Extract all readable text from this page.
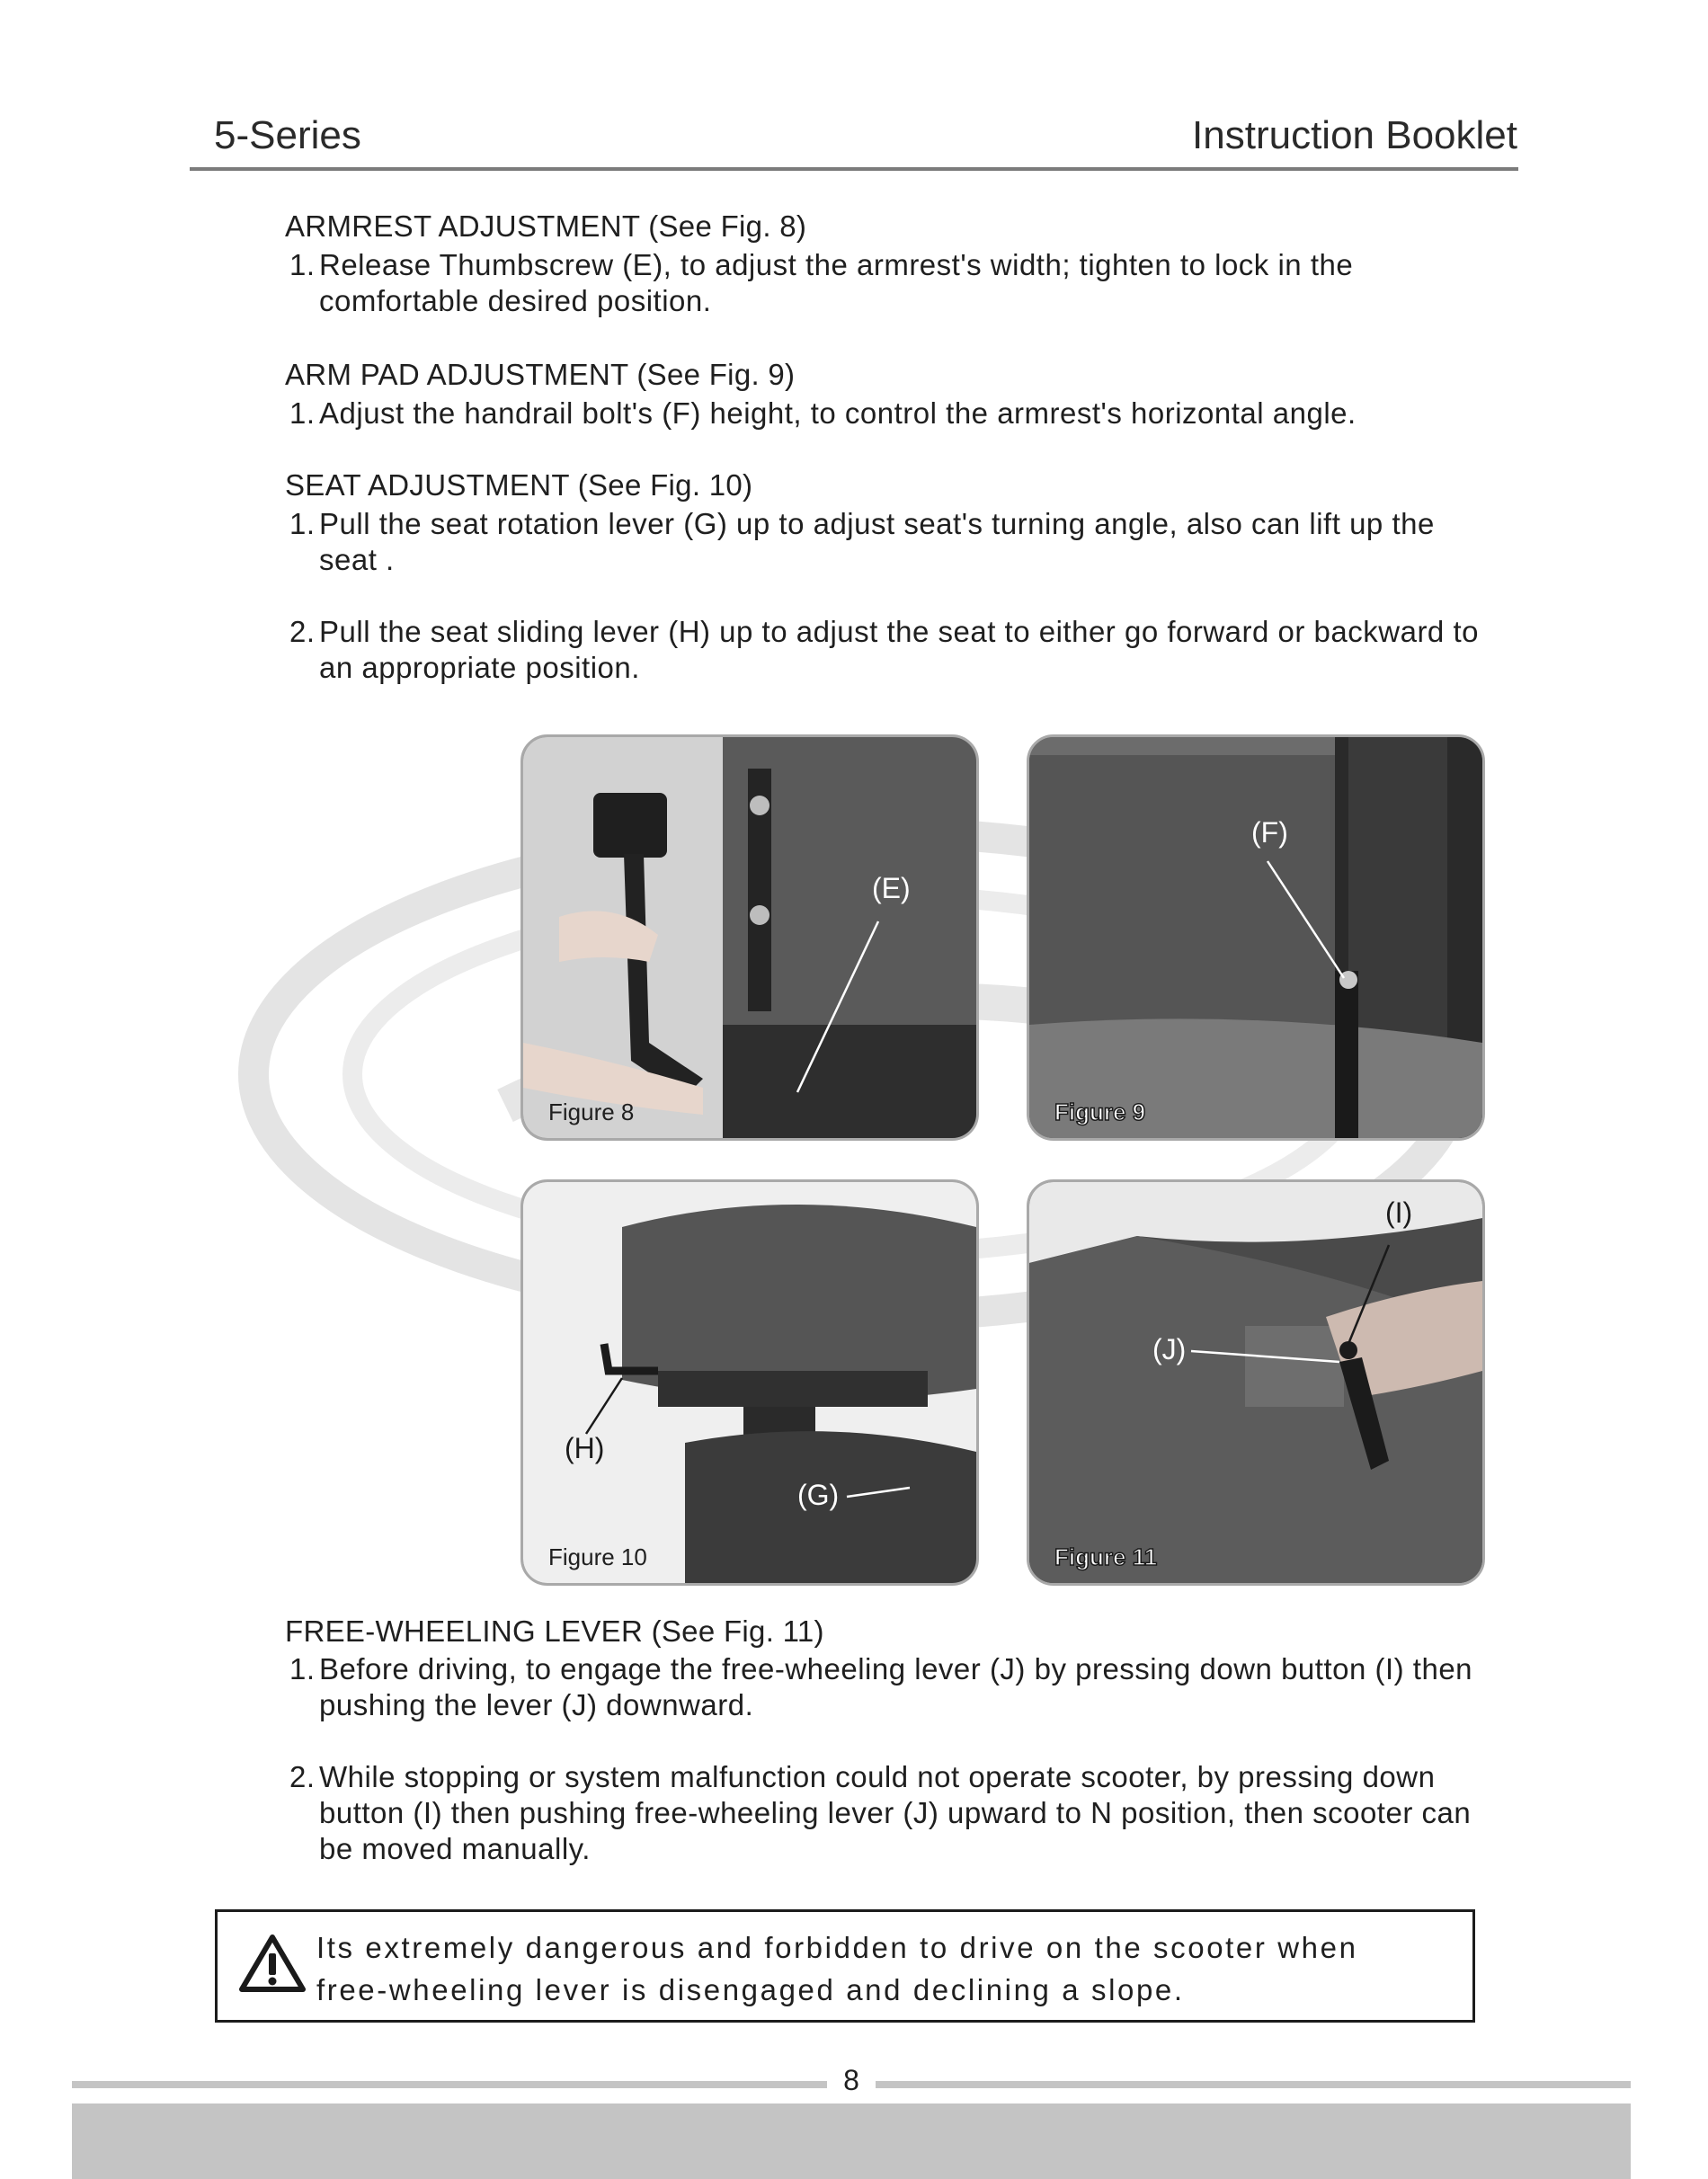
5-Series	Instruction Booklet
ARMREST ADJUSTMENT (See Fig. 8)
1. Release Thumbscrew (E), to adjust the armrest's width; tighten to lock in the comfortable desired position.
ARM PAD ADJUSTMENT (See Fig. 9)
1. Adjust the handrail bolt's (F) height, to control the armrest's horizontal angle.
SEAT ADJUSTMENT (See Fig. 10)
1. Pull the seat rotation lever (G) up to adjust seat's turning angle, also can lift up the seat .
2. Pull the seat sliding lever (H) up to adjust the seat to either go forward or backward to an appropriate position.
(E)
Figure 8
(F)
Figure 9
(H)
(G)
Figure 10
(I)
(J)
Figure 11
FREE-WHEELING LEVER (See Fig. 11)
1. Before driving, to engage the free-wheeling lever (J) by pressing down button (I) then pushing the lever (J) downward.
2. While stopping or system malfunction could not operate scooter, by pressing down button (I) then pushing free-wheeling lever (J) upward to N position, then scooter can be moved manually.
Its extremely dangerous and forbidden to drive on the scooter when
free-wheeling lever is disengaged and declining a slope.
8
